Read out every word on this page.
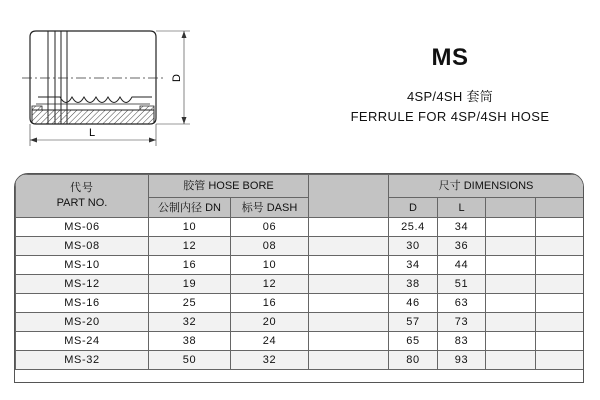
D
L
MS
4SP/4SH 套筒
FERRULE FOR 4SP/4SH HOSE
代号
PART NO.	胶管 HOSE BORE			尺寸 DIMENSIONS			
	公制内径 DN	标号 DASH		D	L		
MS-06	10	06		25.4	34		
MS-08	12	08		30	36		
MS-10	16	10		34	44		
MS-12	19	12		38	51		
MS-16	25	16		46	63		
MS-20	32	20		57	73		
MS-24	38	24		65	83		
MS-32	50	32		80	93		
